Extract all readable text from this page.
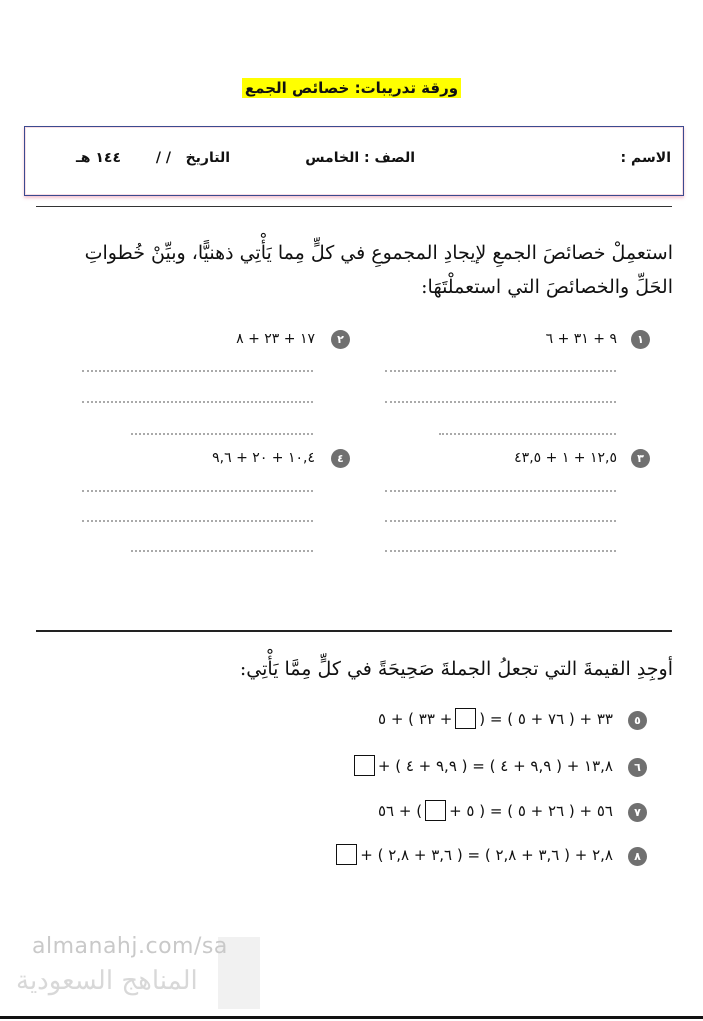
ورقة تدريبات: خصائص الجمع
الاسم :
الصف : الخامس
التاريخ
/ /
١٤٤ هـ
استعمِلْ خصائصَ الجمعِ لإيجادِ المجموعِ في كلٍّ مِما يَأْتِي ذهنيًّا، وبيِّنْ خُطواتِ
الحَلِّ والخصائصَ التي استعملْتَهَا:
١
٩ + ٣١ + ٦
٢
١٧ + ٢٣ + ٨
٣
١٢,٥ + ١ + ٤٣,٥
٤
١٠,٤ + ٢٠ + ٩,٦
أوجِدِ القيمةَ التي تجعلُ الجملةَ صَحِيحَةً في كلٍّ مِمَّا يَأْتِي:
٥
٣٣ + ( ٧٦ + ٥ ) = (
+ ٣٣ ) + ٥
٦
١٣,٨ + ( ٩,٩ + ٤ ) = ( ٩,٩ + ٤ ) +
٧
٥٦ + ( ٢٦ + ٥ ) = ( ٥ +
) + ٥٦
٨
٢,٨ + ( ٣,٦ + ٢,٨ ) = ( ٣,٦ + ٢,٨ ) +
almanahj.com/sa
المناهج السعودية
